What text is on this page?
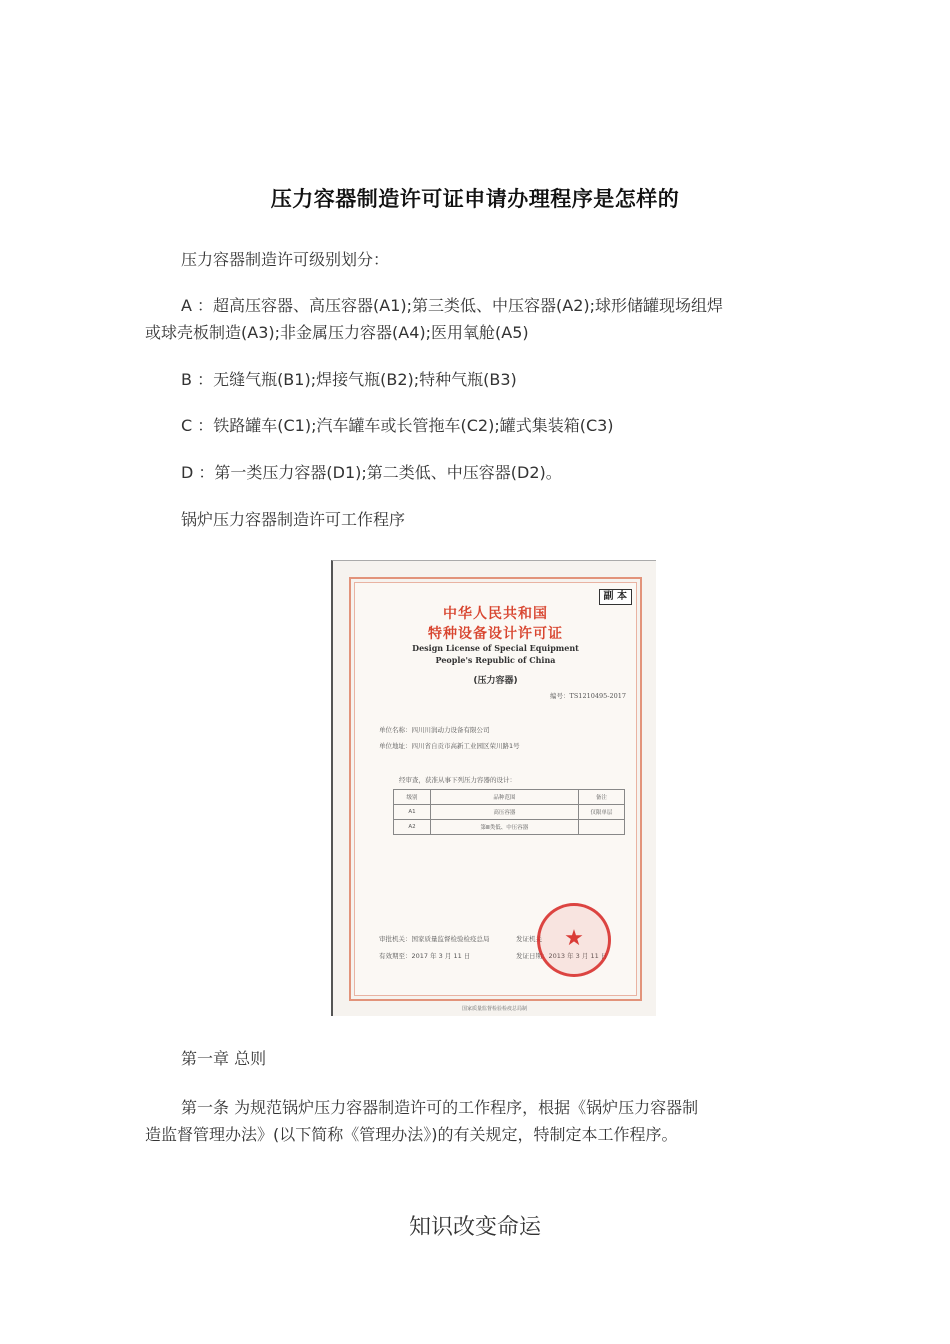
压力容器制造许可证申请办理程序是怎样的
压力容器制造许可级别划分：
A ：超高压容器、高压容器(A1);第三类低、中压容器(A2);球形储罐现场组焊
或球壳板制造(A3);非金属压力容器(A4);医用氧舱(A5)
B ：无缝气瓶(B1);焊接气瓶(B2);特种气瓶(B3)
C ：铁路罐车(C1);汽车罐车或长管拖车(C2);罐式集装箱(C3)
D ：第一类压力容器(D1);第二类低、中压容器(D2)。
锅炉压力容器制造许可工作程序
副 本
中华人民共和国
特种设备设计许可证
Design License of Special Equipment
People's Republic of China
(压力容器)
编号：TS1210495-2017
单位名称：四川川润动力设备有限公司
单位地址：四川省自贡市高新工业园区荣川路1号
经审查，获准从事下列压力容器的设计：
级别	品种范围	备注
A1	高压容器	仅限单层
A2	第Ⅲ类低、中压容器	
审批机关：国家质量监督检验检疫总局	发证机关
有效期至：2017 年 3 月 11 日	发证日期：2013 年 3 月 11 日
★
国家质量监督检验检疫总局制
第一章 总则
第一条 为规范锅炉压力容器制造许可的工作程序，根据《锅炉压力容器制
造监督管理办法》(以下简称《管理办法》)的有关规定，特制定本工作程序。
知识改变命运
